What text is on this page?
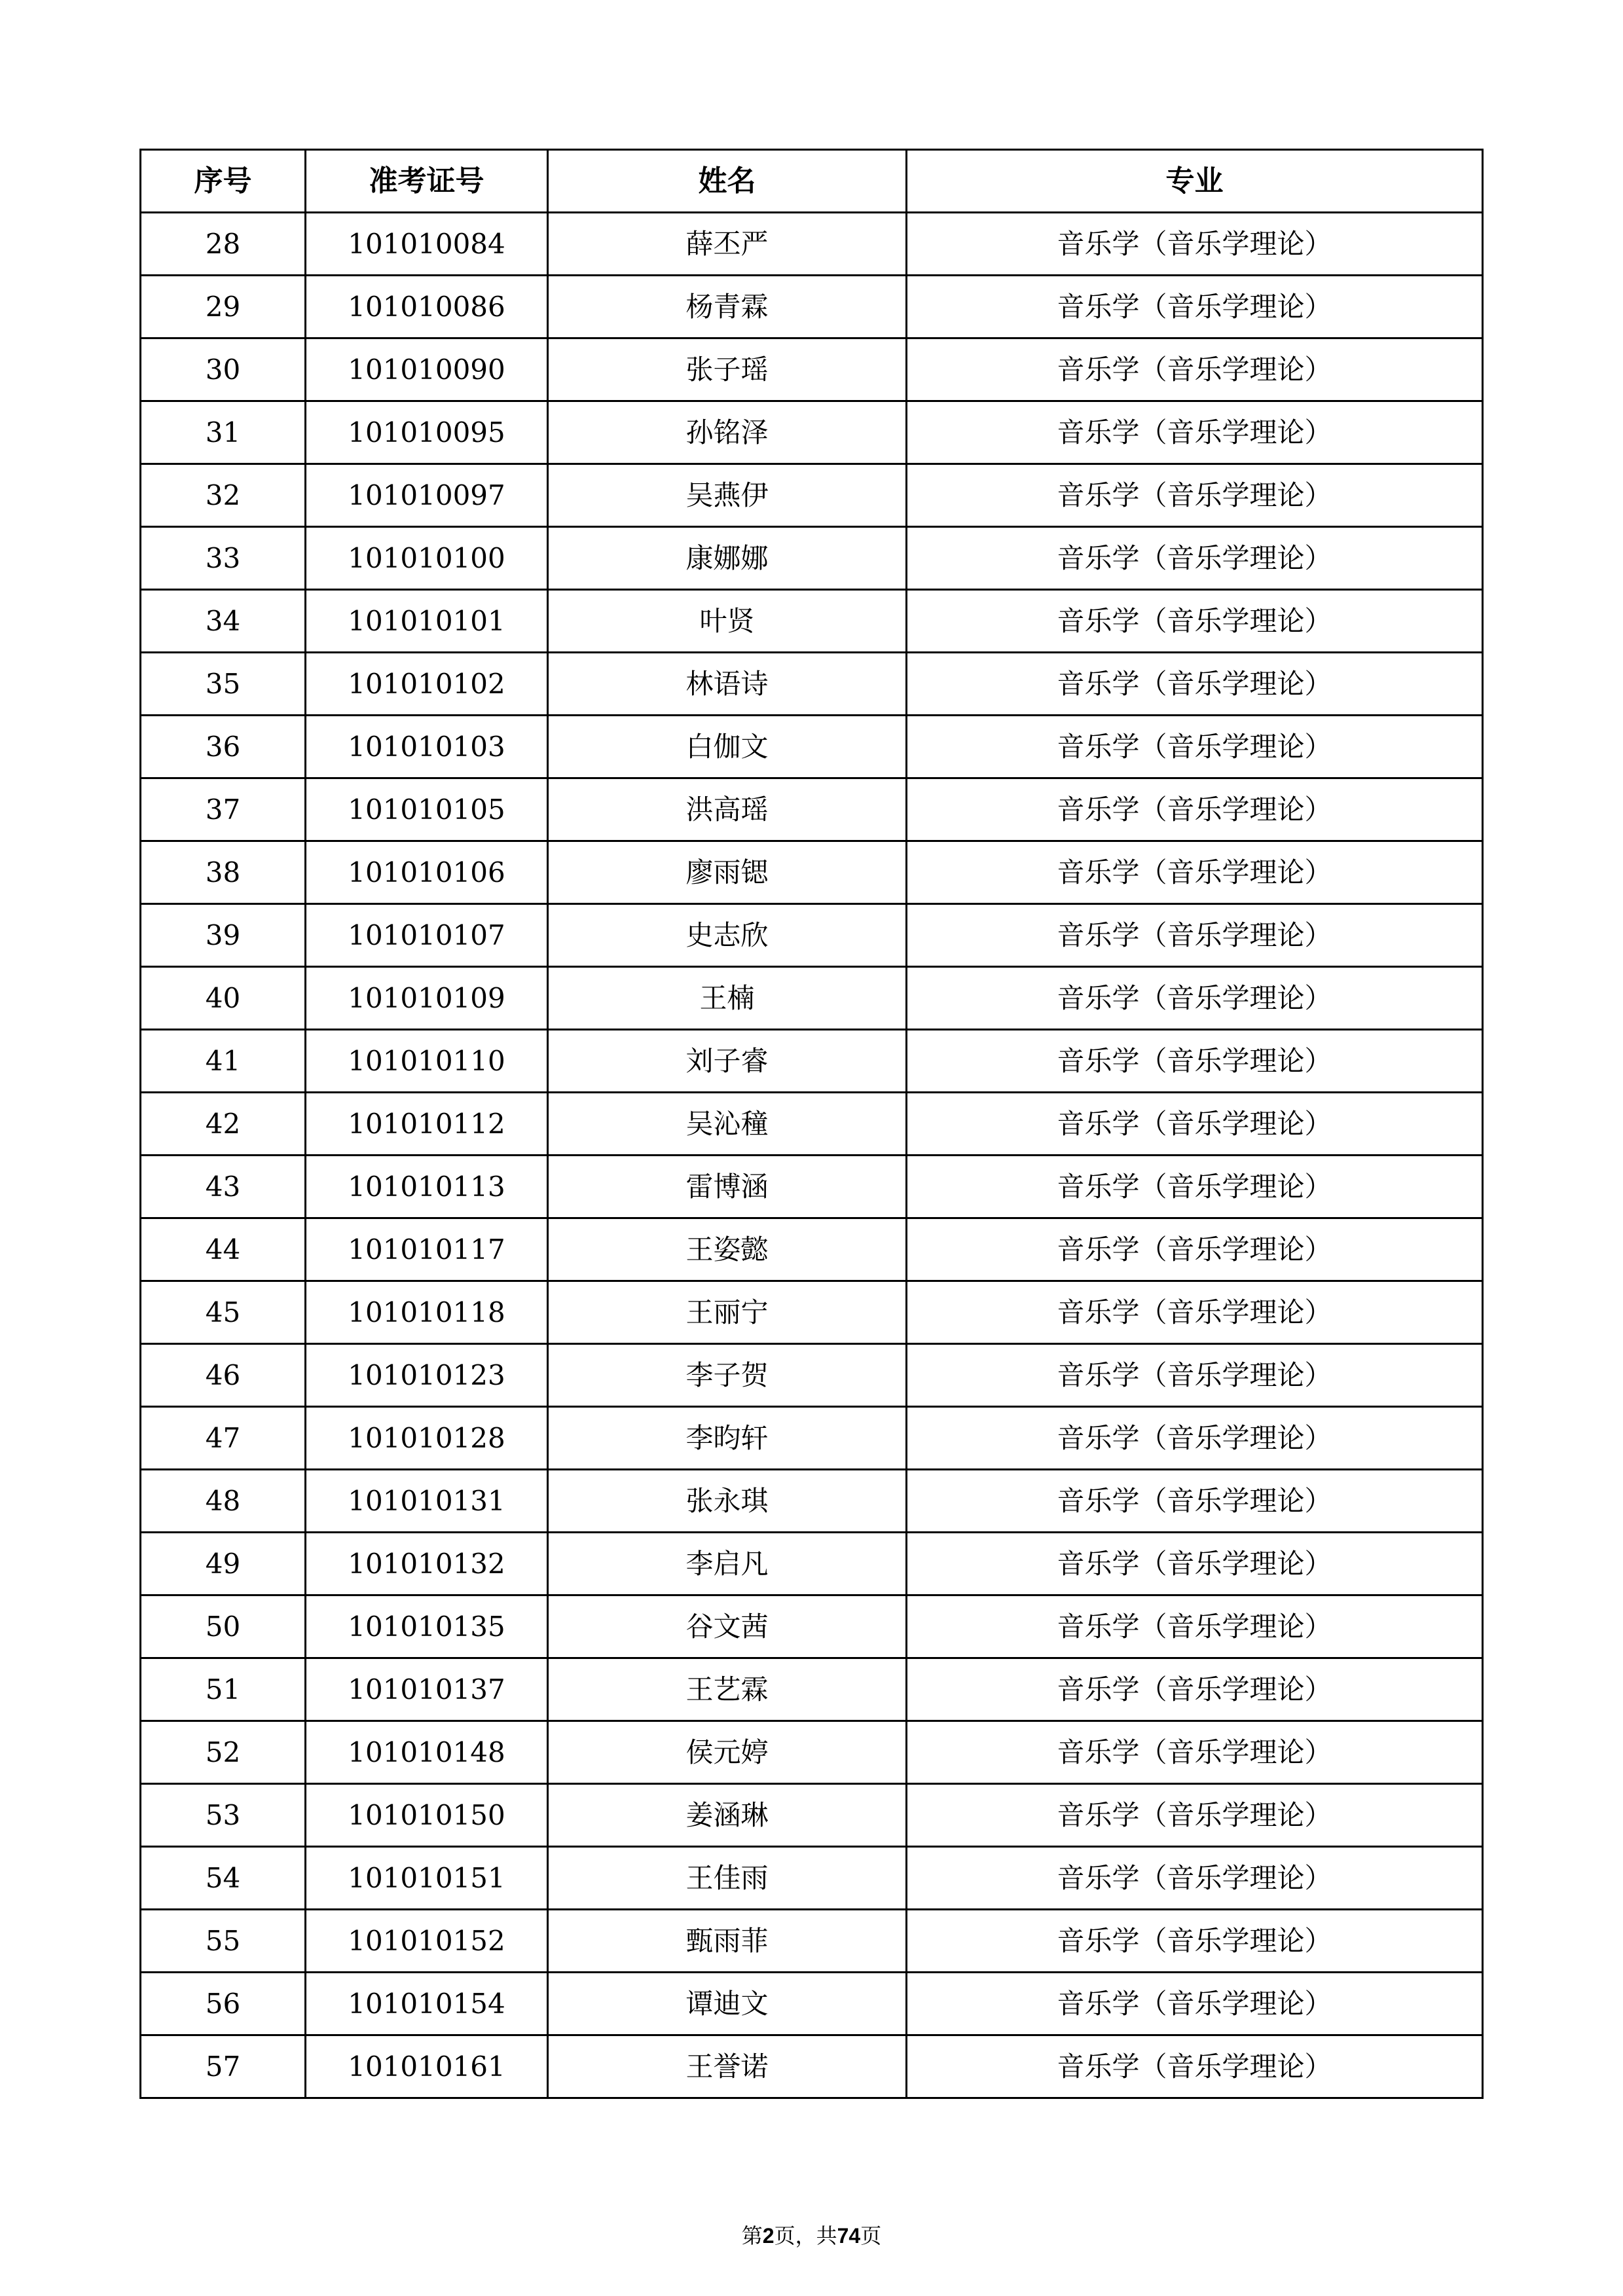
序号	准考证号	姓名	专业
28	101010084	薛丕严	音乐学（音乐学理论）
29	101010086	杨青霖	音乐学（音乐学理论）
30	101010090	张子瑶	音乐学（音乐学理论）
31	101010095	孙铭泽	音乐学（音乐学理论）
32	101010097	吴燕伊	音乐学（音乐学理论）
33	101010100	康娜娜	音乐学（音乐学理论）
34	101010101	叶贤	音乐学（音乐学理论）
35	101010102	林语诗	音乐学（音乐学理论）
36	101010103	白伽文	音乐学（音乐学理论）
37	101010105	洪高瑶	音乐学（音乐学理论）
38	101010106	廖雨锶	音乐学（音乐学理论）
39	101010107	史志欣	音乐学（音乐学理论）
40	101010109	王楠	音乐学（音乐学理论）
41	101010110	刘子睿	音乐学（音乐学理论）
42	101010112	吴沁穜	音乐学（音乐学理论）
43	101010113	雷博涵	音乐学（音乐学理论）
44	101010117	王姿懿	音乐学（音乐学理论）
45	101010118	王丽宁	音乐学（音乐学理论）
46	101010123	李子贺	音乐学（音乐学理论）
47	101010128	李昀轩	音乐学（音乐学理论）
48	101010131	张永琪	音乐学（音乐学理论）
49	101010132	李启凡	音乐学（音乐学理论）
50	101010135	谷文茜	音乐学（音乐学理论）
51	101010137	王艺霖	音乐学（音乐学理论）
52	101010148	侯元婷	音乐学（音乐学理论）
53	101010150	姜涵琳	音乐学（音乐学理论）
54	101010151	王佳雨	音乐学（音乐学理论）
55	101010152	甄雨菲	音乐学（音乐学理论）
56	101010154	谭迪文	音乐学（音乐学理论）
57	101010161	王誉诺	音乐学（音乐学理论）
第2页，共74页
